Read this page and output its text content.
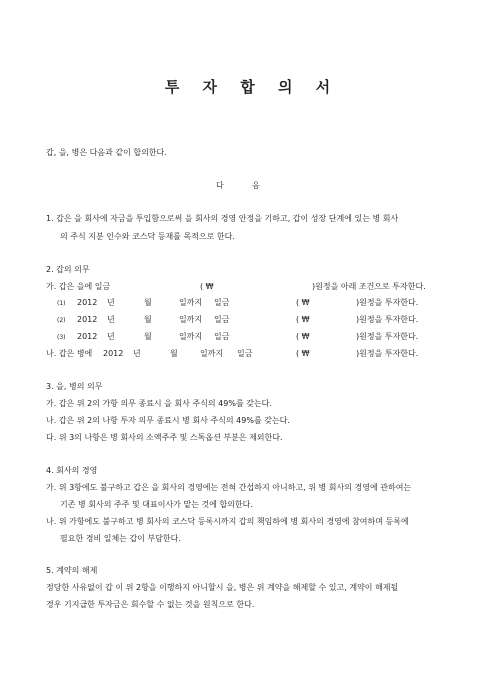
투 자 합 의 서
갑, 을, 병은 다음과 같이 합의한다.
다	음
1. 갑은 을 회사에 자금을 투입함으로써 을 회사의 경영 안정을 기하고, 갑이 성장 단계에 있는 병 회사
의 주식 지분 인수와 코스닥 등재를 목적으로 한다.
2. 갑의 의무
가. 갑은 을에 일금	( ₩	)원정을 아래 조건으로 투자한다.
(1) 2012 년	월	일까지 일금	( ₩	)원정을 투자한다.
(2) 2012 년	월	일까지 일금	( ₩	)원정을 투자한다.
(3) 2012 년	월	일까지 일금	( ₩	)원정을 투자한다.
나. 갑은 병에 2012 년	월	일까지 일금	( ₩	)원정을 투자한다.
3. 을, 병의 의무
가. 갑은 위 2의 가항 의무 종료시 을 회사 주식의 49%를 갖는다.
나. 갑은 위 2의 나항 투자 의무 종료시 병 회사 주식의 49%를 갖는다.
다. 위 3의 나항은 병 회사의 소액주주 및 스톡옵션 부분은 제외한다.
4. 회사의 경영
가. 위 3항에도 불구하고 갑은 을 회사의 경영에는 전혀 간섭하지 아니하고, 위 병 회사의 경영에 관하여는
기존 병 회사의 주주 및 대표이사가 맡는 것에 합의한다.
나. 위 가항에도 불구하고 병 회사의 코스닥 등록시까지 갑의 책임하에 병 회사의 경영에 참여하며 등록에
필요한 경비 일체는 갑이 부담한다.
5. 계약의 해제
정당한 사유없이 갑 이 위 2항을 이행하지 아니할시 을, 병은 위 계약을 해제할 수 있고, 계약이 해제될
경우 기지급한 투자금은 회수할 수 없는 것을 원칙으로 한다.
